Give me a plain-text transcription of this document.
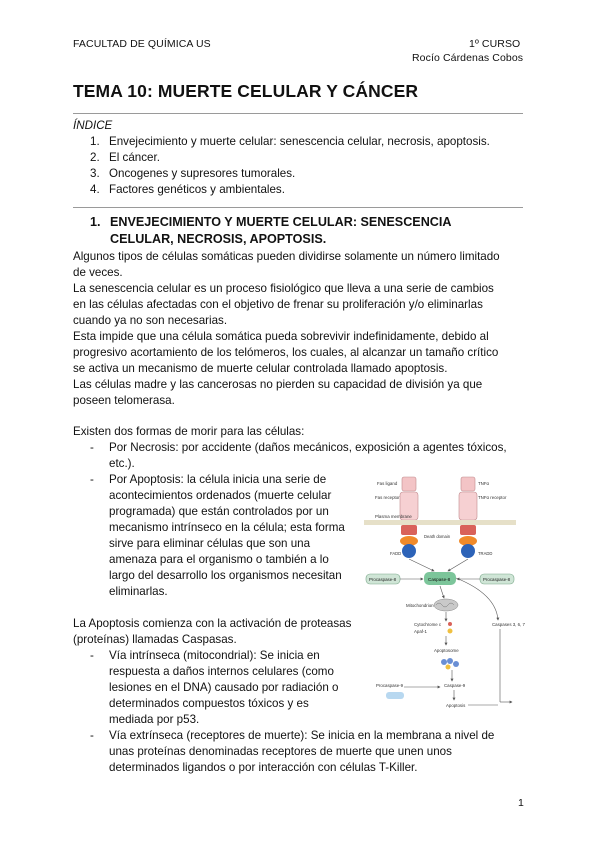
FACULTAD DE QUÍMICA US	1º CURSO
Rocío Cárdenas Cobos
TEMA 10: MUERTE CELULAR Y CÁNCER
ÍNDICE
1. Envejecimiento y muerte celular: senescencia celular, necrosis, apoptosis.
2. El cáncer.
3. Oncogenes y supresores tumorales.
4. Factores genéticos y ambientales.
1. ENVEJECIMIENTO Y MUERTE CELULAR: SENESCENCIA
CELULAR, NECROSIS, APOPTOSIS.
Algunos tipos de células somáticas pueden dividirse solamente un número limitado
de veces.
La senescencia celular es un proceso fisiológico que lleva a una serie de cambios
en las células afectadas con el objetivo de frenar su proliferación y/o eliminarlas
cuando ya no son necesarias.
Esta impide que una célula somática pueda sobrevivir indefinidamente, debido al
progresivo acortamiento de los telómeros, los cuales, al alcanzar un tamaño crítico
se activa un mecanismo de muerte celular controlada llamado apoptosis.
Las células madre y las cancerosas no pierden su capacidad de división ya que
poseen telomerasa.
Existen dos formas de morir para las células:
- Por Necrosis: por accidente (daños mecánicos, exposición a agentes tóxicos,
etc.).
- Por Apoptosis: la célula inicia una serie de
acontecimientos ordenados (muerte celular
programada) que están controlados por un
mecanismo intrínseco en la célula; esta forma
sirve para eliminar células que son una
amenaza para el organismo o también a lo
largo del desarrollo los organismos necesitan
eliminarlas.
La Apoptosis comienza con la activación de proteasas
(proteínas) llamadas Caspasas.
- Vía intrínseca (mitocondrial): Se inicia en
respuesta a daños internos celulares (como
lesiones en el DNA) causado por radiación o
determinados compuestos tóxicos y es
mediada por p53.
- Vía extrínseca (receptores de muerte): Se inicia en la membrana a nivel de
unas proteínas denominadas receptores de muerte que unen unos
determinados ligandos o por interacción con células T-Killer.
1
Fas ligand	TNFα
Fas receptor	TNFα receptor
Plasma membrane
Death domain
FADD	TRADD
Procaspase-8	Caspase-8	Procaspase-8
Mitochondrion
Cytochrome c
Apaf-1
Caspases 3, 6, 7
Apoptosome
Procaspase-9	Caspase-9
Apoptosis
